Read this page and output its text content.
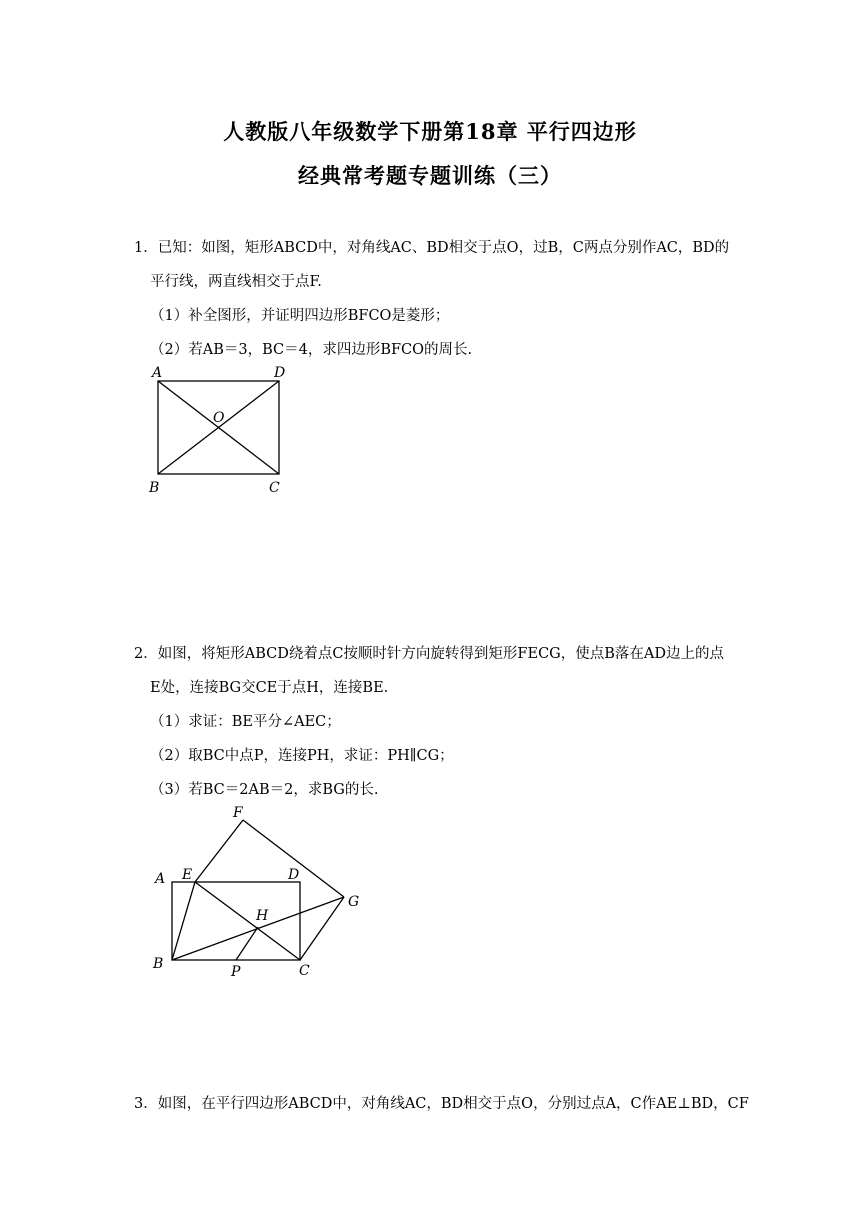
人教版八年级数学下册第18章 平行四边形
经典常考题专题训练（三）
1．已知：如图，矩形ABCD中，对角线AC、BD相交于点O，过B，C两点分别作AC，BD的
平行线，两直线相交于点F.
（1）补全图形，并证明四边形BFCO是菱形；
（2）若AB＝3，BC＝4，求四边形BFCO的周长.
A	D
O
B	C
2．如图，将矩形ABCD绕着点C按顺时针方向旋转得到矩形FECG，使点B落在AD边上的点
E处，连接BG交CE于点H，连接BE.
（1）求证：BE平分∠AEC；
（2）取BC中点P，连接PH，求证：PH∥CG；
（3）若BC＝2AB＝2，求BG的长.
F
A E	D
G
H
B	P	C
3．如图，在平行四边形ABCD中，对角线AC，BD相交于点O，分别过点A，C作AE⊥BD，CF
